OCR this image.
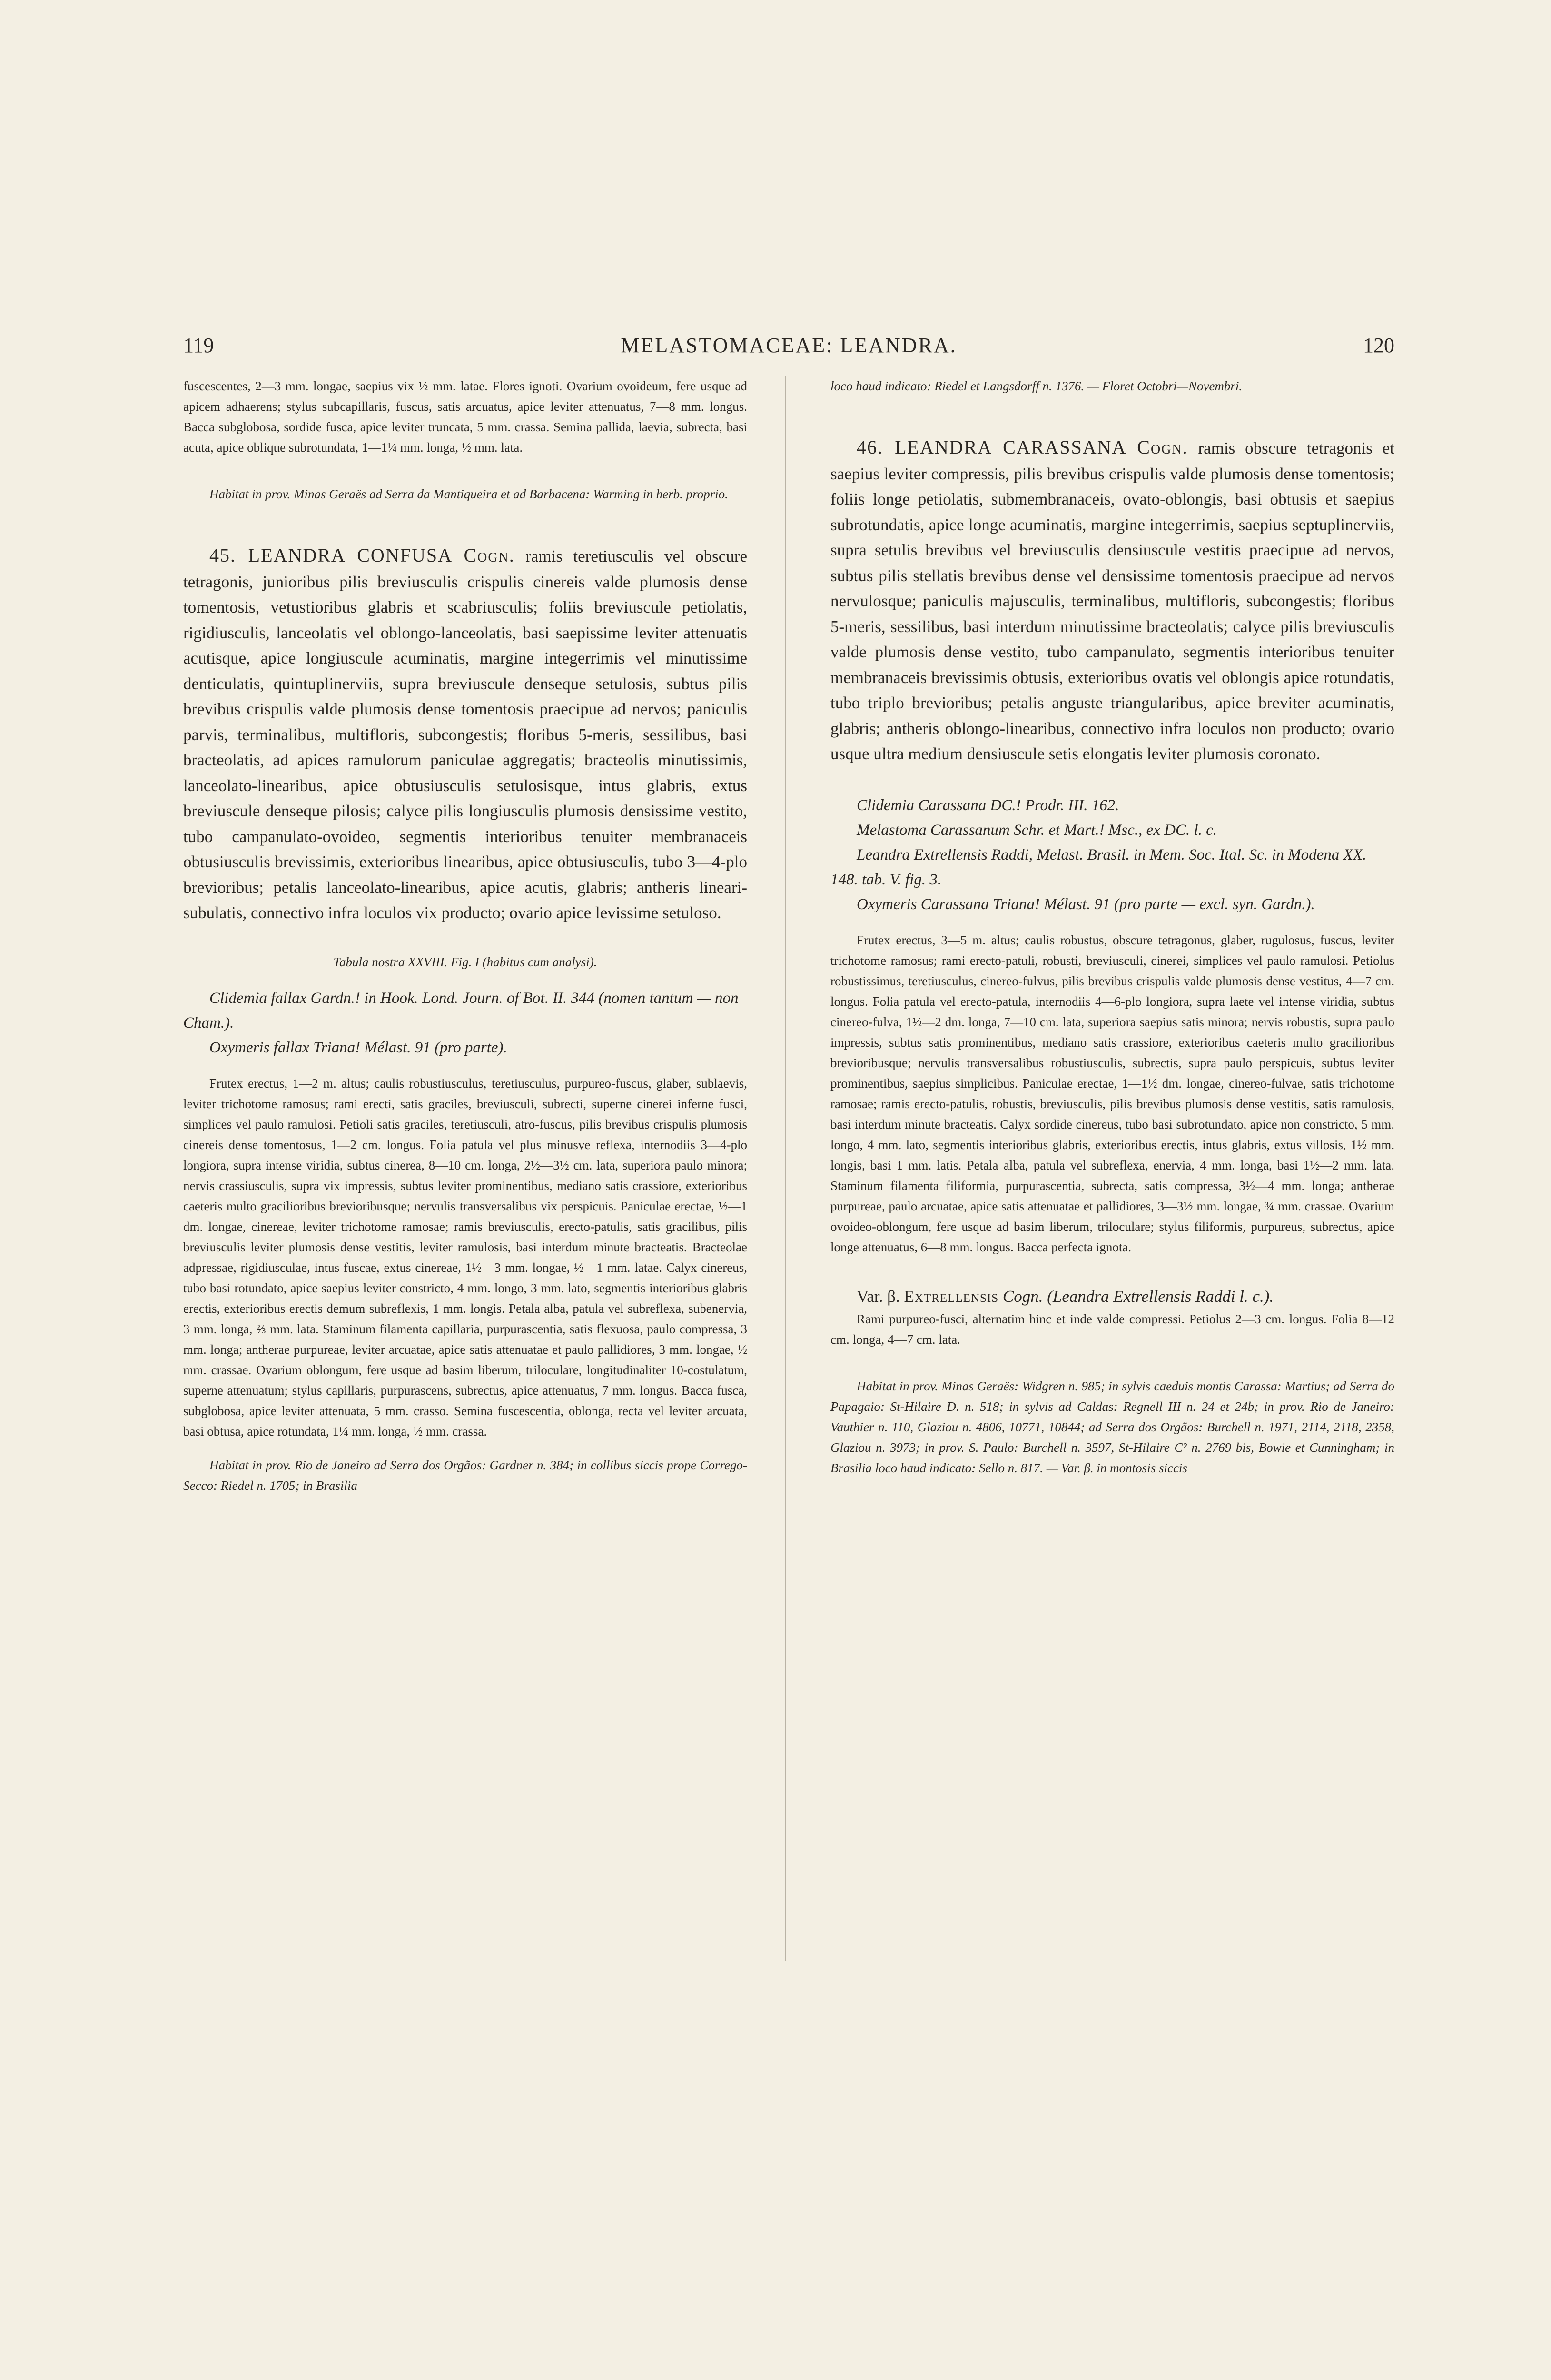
119	MELASTOMACEAE: LEANDRA.	120

fuscescentes, 2—3 mm. longae, saepius vix ½ mm. latae. Flores ignoti. Ovarium ovoideum, fere usque ad apicem adhaerens; stylus subcapillaris, fuscus, satis arcuatus, apice leviter attenuatus, 7—8 mm. longus. Bacca subglobosa, sordide fusca, apice leviter truncata, 5 mm. crassa. Semina pallida, laevia, subrecta, basi acuta, apice oblique subrotundata, 1—1¼ mm. longa, ½ mm. lata.

Habitat in prov. Minas Geraës ad Serra da Mantiqueira et ad Barbacena: Warming in herb. proprio.

45. LEANDRA CONFUSA Cogn. ramis teretiusculis vel obscure tetragonis, junioribus pilis breviusculis crispulis cinereis valde plumosis dense tomentosis, vetustioribus glabris et scabriusculis; foliis breviuscule petiolatis, rigidiusculis, lanceolatis vel oblongo-lanceolatis, basi saepissime leviter attenuatis acutisque, apice longiuscule acuminatis, margine integerrimis vel minutissime denticulatis, quintuplinerviis, supra breviuscule denseque setulosis, subtus pilis brevibus crispulis valde plumosis dense tomentosis praecipue ad nervos; paniculis parvis, terminalibus, multifloris, subcongestis; floribus 5-meris, sessilibus, basi bracteolatis, ad apices ramulorum paniculae aggregatis; bracteolis minutissimis, lanceolato-linearibus, apice obtusiusculis setulosisque, intus glabris, extus breviuscule denseque pilosis; calyce pilis longiusculis plumosis densissime vestito, tubo campanulato-ovoideo, segmentis interioribus tenuiter membranaceis obtusiusculis brevissimis, exterioribus linearibus, apice obtusiusculis, tubo 3—4-plo brevioribus; petalis lanceolato-linearibus, apice acutis, glabris; antheris lineari-subulatis, connectivo infra loculos vix producto; ovario apice levissime setuloso.

Tabula nostra XXVIII. Fig. I (habitus cum analysi).

Clidemia fallax Gardn.! in Hook. Lond. Journ. of Bot. II. 344 (nomen tantum — non Cham.).

Oxymeris fallax Triana! Mélast. 91 (pro parte).

Frutex erectus, 1—2 m. altus; caulis robustiusculus, teretiusculus, purpureo-fuscus, glaber, sublaevis, leviter trichotome ramosus; rami erecti, satis graciles, breviusculi, subrecti, superne cinerei inferne fusci, simplices vel paulo ramulosi. Petioli satis graciles, teretiusculi, atro-fuscus, pilis brevibus crispulis plumosis cinereis dense tomentosus, 1—2 cm. longus. Folia patula vel plus minusve reflexa, internodiis 3—4-plo longiora, supra intense viridia, subtus cinerea, 8—10 cm. longa, 2½—3½ cm. lata, superiora paulo minora; nervis crassiusculis, supra vix impressis, subtus leviter prominentibus, mediano satis crassiore, exterioribus caeteris multo gracilioribus brevioribusque; nervulis transversalibus vix perspicuis. Paniculae erectae, ½—1 dm. longae, cinereae, leviter trichotome ramosae; ramis breviusculis, erecto-patulis, satis gracilibus, pilis breviusculis leviter plumosis dense vestitis, leviter ramulosis, basi interdum minute bracteatis. Bracteolae adpressae, rigidiusculae, intus fuscae, extus cinereae, 1½—3 mm. longae, ½—1 mm. latae. Calyx cinereus, tubo basi rotundato, apice saepius leviter constricto, 4 mm. longo, 3 mm. lato, segmentis interioribus glabris erectis, exterioribus erectis demum subreflexis, 1 mm. longis. Petala alba, patula vel subreflexa, subenervia, 3 mm. longa, ⅔ mm. lata. Staminum filamenta capillaria, purpurascentia, satis flexuosa, paulo compressa, 3 mm. longa; antherae purpureae, leviter arcuatae, apice satis attenuatae et paulo pallidiores, 3 mm. longae, ½ mm. crassae. Ovarium oblongum, fere usque ad basim liberum, triloculare, longitudinaliter 10-costulatum, superne attenuatum; stylus capillaris, purpurascens, subrectus, apice attenuatus, 7 mm. longus. Bacca fusca, subglobosa, apice leviter attenuata, 5 mm. crasso. Semina fuscescentia, oblonga, recta vel leviter arcuata, basi obtusa, apice rotundata, 1¼ mm. longa, ½ mm. crassa.

Habitat in prov. Rio de Janeiro ad Serra dos Orgãos: Gardner n. 384; in collibus siccis prope Corrego-Secco: Riedel n. 1705; in Brasilia

loco haud indicato: Riedel et Langsdorff n. 1376. — Floret Octobri—Novembri.

46. LEANDRA CARASSANA Cogn. ramis obscure tetragonis et saepius leviter compressis, pilis brevibus crispulis valde plumosis dense tomentosis; foliis longe petiolatis, submembranaceis, ovato-oblongis, basi obtusis et saepius subrotundatis, apice longe acuminatis, margine integerrimis, saepius septuplinerviis, supra setulis brevibus vel breviusculis densiuscule vestitis praecipue ad nervos, subtus pilis stellatis brevibus dense vel densissime tomentosis praecipue ad nervos nervulosque; paniculis majusculis, terminalibus, multifloris, subcongestis; floribus 5-meris, sessilibus, basi interdum minutissime bracteolatis; calyce pilis breviusculis valde plumosis dense vestito, tubo campanulato, segmentis interioribus tenuiter membranaceis brevissimis obtusis, exterioribus ovatis vel oblongis apice rotundatis, tubo triplo brevioribus; petalis anguste triangularibus, apice breviter acuminatis, glabris; antheris oblongo-linearibus, connectivo infra loculos non producto; ovario usque ultra medium densiuscule setis elongatis leviter plumosis coronato.

Clidemia Carassana DC.! Prodr. III. 162.

Melastoma Carassanum Schr. et Mart.! Msc., ex DC. l. c.

Leandra Extrellensis Raddi, Melast. Brasil. in Mem. Soc. Ital. Sc. in Modena XX. 148. tab. V. fig. 3.

Oxymeris Carassana Triana! Mélast. 91 (pro parte — excl. syn. Gardn.).

Frutex erectus, 3—5 m. altus; caulis robustus, obscure tetragonus, glaber, rugulosus, fuscus, leviter trichotome ramosus; rami erecto-patuli, robusti, breviusculi, cinerei, simplices vel paulo ramulosi. Petiolus robustissimus, teretiusculus, cinereo-fulvus, pilis brevibus crispulis valde plumosis dense vestitus, 4—7 cm. longus. Folia patula vel erecto-patula, internodiis 4—6-plo longiora, supra laete vel intense viridia, subtus cinereo-fulva, 1½—2 dm. longa, 7—10 cm. lata, superiora saepius satis minora; nervis robustis, supra paulo impressis, subtus satis prominentibus, mediano satis crassiore, exterioribus caeteris multo gracilioribus brevioribusque; nervulis transversalibus robustiusculis, subrectis, supra paulo perspicuis, subtus leviter prominentibus, saepius simplicibus. Paniculae erectae, 1—1½ dm. longae, cinereo-fulvae, satis trichotome ramosae; ramis erecto-patulis, robustis, breviusculis, pilis brevibus plumosis dense vestitis, satis ramulosis, basi interdum minute bracteatis. Calyx sordide cinereus, tubo basi subrotundato, apice non constricto, 5 mm. longo, 4 mm. lato, segmentis interioribus glabris, exterioribus erectis, intus glabris, extus villosis, 1½ mm. longis, basi 1 mm. latis. Petala alba, patula vel subreflexa, enervia, 4 mm. longa, basi 1½—2 mm. lata. Staminum filamenta filiformia, purpurascentia, subrecta, satis compressa, 3½—4 mm. longa; antherae purpureae, paulo arcuatae, apice satis attenuatae et pallidiores, 3—3½ mm. longae, ¾ mm. crassae. Ovarium ovoideo-oblongum, fere usque ad basim liberum, triloculare; stylus filiformis, purpureus, subrectus, apice longe attenuatus, 6—8 mm. longus. Bacca perfecta ignota.

Var. β. Extrellensis Cogn. (Leandra Extrellensis Raddi l. c.).

Rami purpureo-fusci, alternatim hinc et inde valde compressi. Petiolus 2—3 cm. longus. Folia 8—12 cm. longa, 4—7 cm. lata.

Habitat in prov. Minas Geraës: Widgren n. 985; in sylvis caeduis montis Carassa: Martius; ad Serra do Papagaio: St-Hilaire D. n. 518; in sylvis ad Caldas: Regnell III n. 24 et 24b; in prov. Rio de Janeiro: Vauthier n. 110, Glaziou n. 4806, 10771, 10844; ad Serra dos Orgãos: Burchell n. 1971, 2114, 2118, 2358, Glaziou n. 3973; in prov. S. Paulo: Burchell n. 3597, St-Hilaire C² n. 2769 bis, Bowie et Cunningham; in Brasilia loco haud indicato: Sello n. 817. — Var. β. in montosis siccis
